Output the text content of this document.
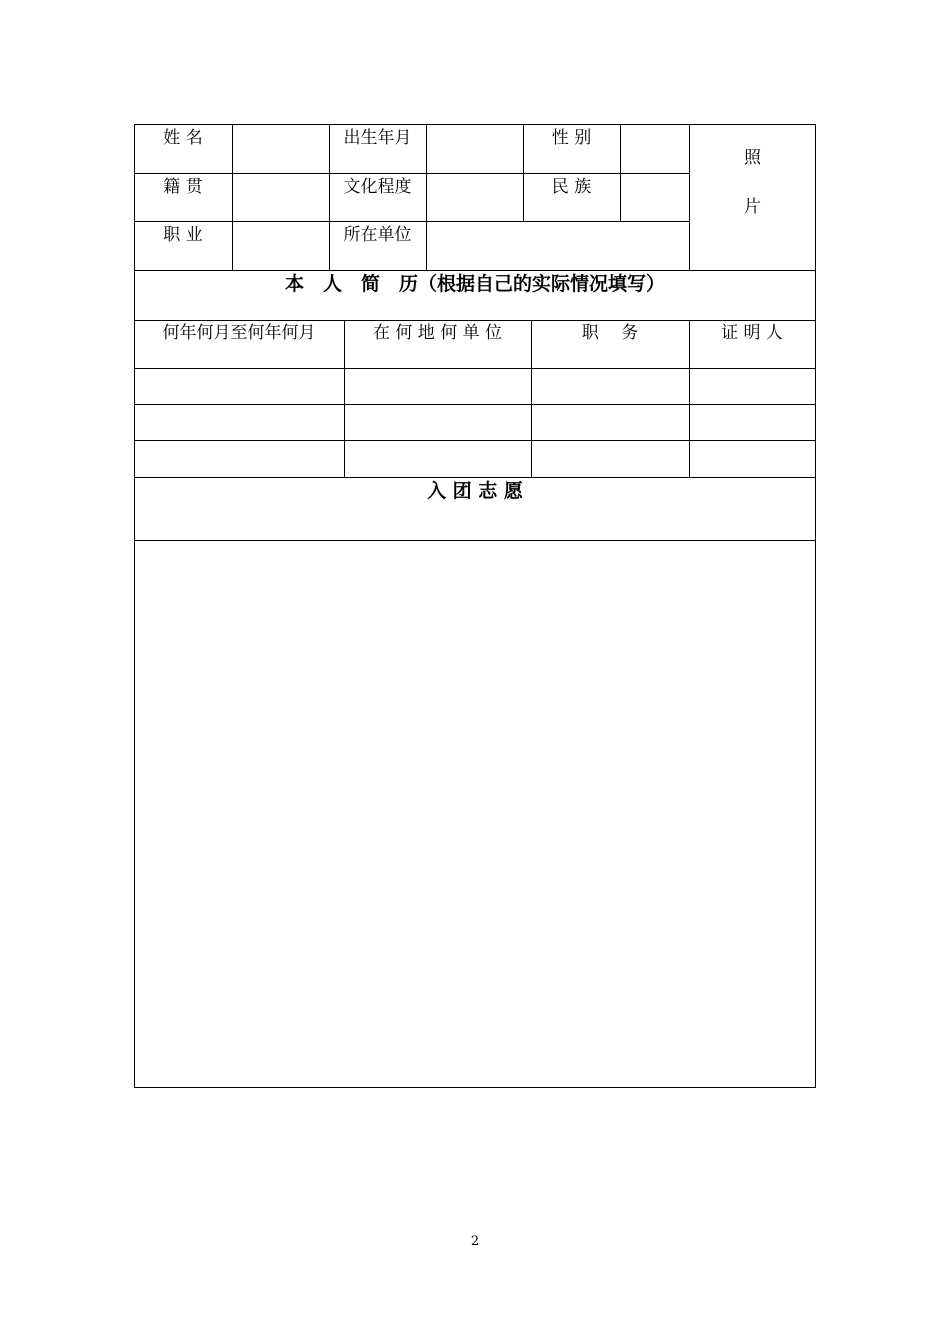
姓 名	出生年月	性 别
籍 贯	文化程度	民 族
职 业	所在单位
照
片
本　人　简　历（根据自己的实际情况填写）
何年何月至何年何月	在 何 地 何 单 位	职　 务	证 明 人
入 团 志 愿
2
